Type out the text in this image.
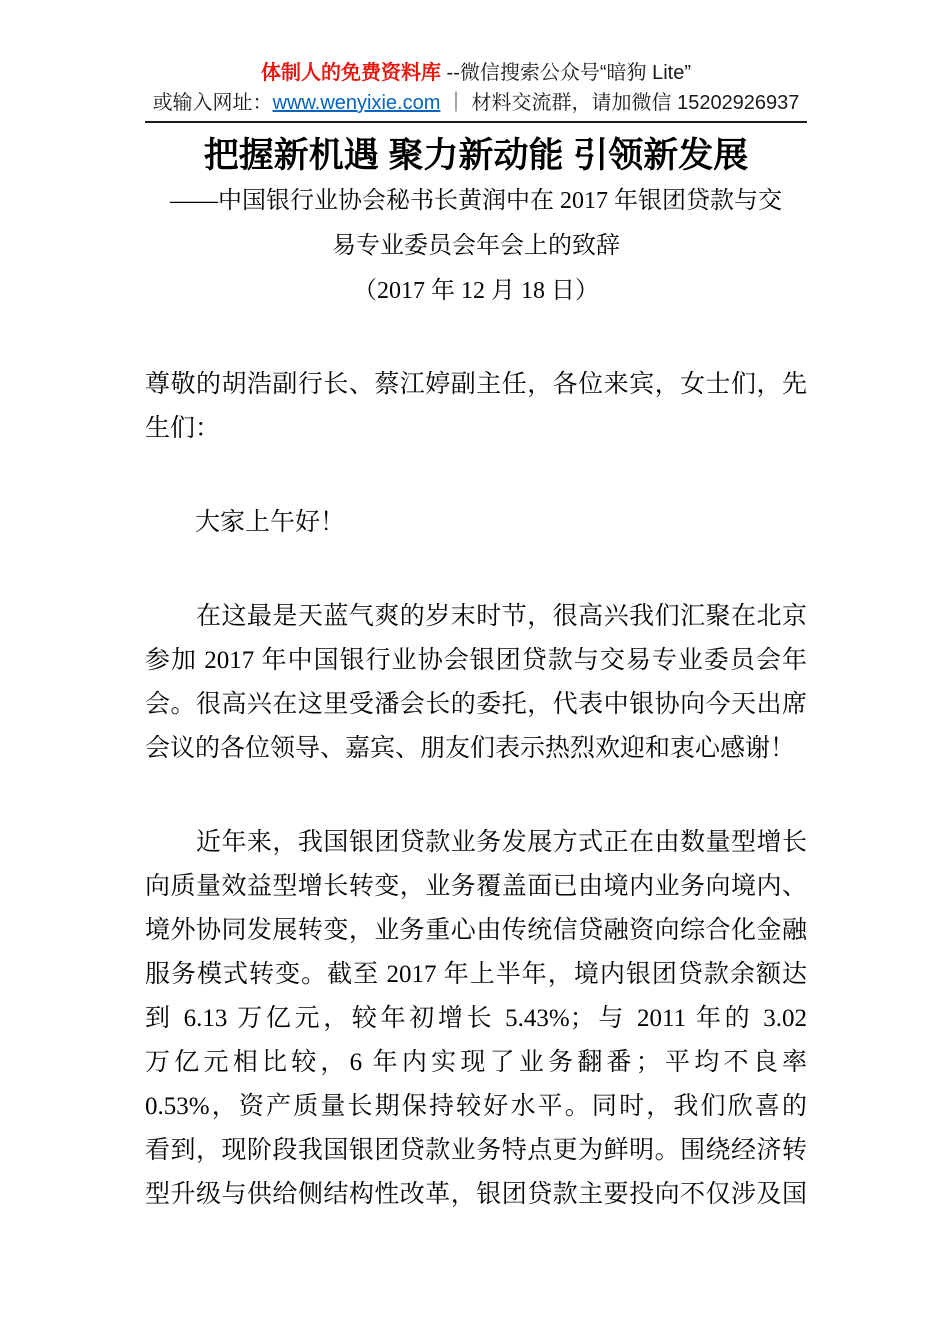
体制人的免费资料库 --微信搜索公众号“暗狗 Lite”
或输入网址：www.wenyixie.com ｜ 材料交流群，请加微信 15202926937
把握新机遇 聚力新动能 引领新发展
——中国银行业协会秘书长黄润中在 2017 年银团贷款与交
易专业委员会年会上的致辞
（2017 年 12 月 18 日）

尊敬的胡浩副行长、蔡江婷副主任，各位来宾，女士们，先
生们：

　　大家上午好！

　　在这最是天蓝气爽的岁末时节，很高兴我们汇聚在北京
参加 2017 年中国银行业协会银团贷款与交易专业委员会年
会。很高兴在这里受潘会长的委托，代表中银协向今天出席
会议的各位领导、嘉宾、朋友们表示热烈欢迎和衷心感谢！

　　近年来，我国银团贷款业务发展方式正在由数量型增长
向质量效益型增长转变，业务覆盖面已由境内业务向境内、
境外协同发展转变，业务重心由传统信贷融资向综合化金融
服务模式转变。截至 2017 年上半年，境内银团贷款余额达
到 6.13 万亿元，较年初增长 5.43%；与 2011 年的 3.02
万亿元相比较，6 年内实现了业务翻番；平均不良率
0.53%，资产质量长期保持较好水平。同时，我们欣喜的
看到，现阶段我国银团贷款业务特点更为鲜明。围绕经济转
型升级与供给侧结构性改革，银团贷款主要投向不仅涉及国
